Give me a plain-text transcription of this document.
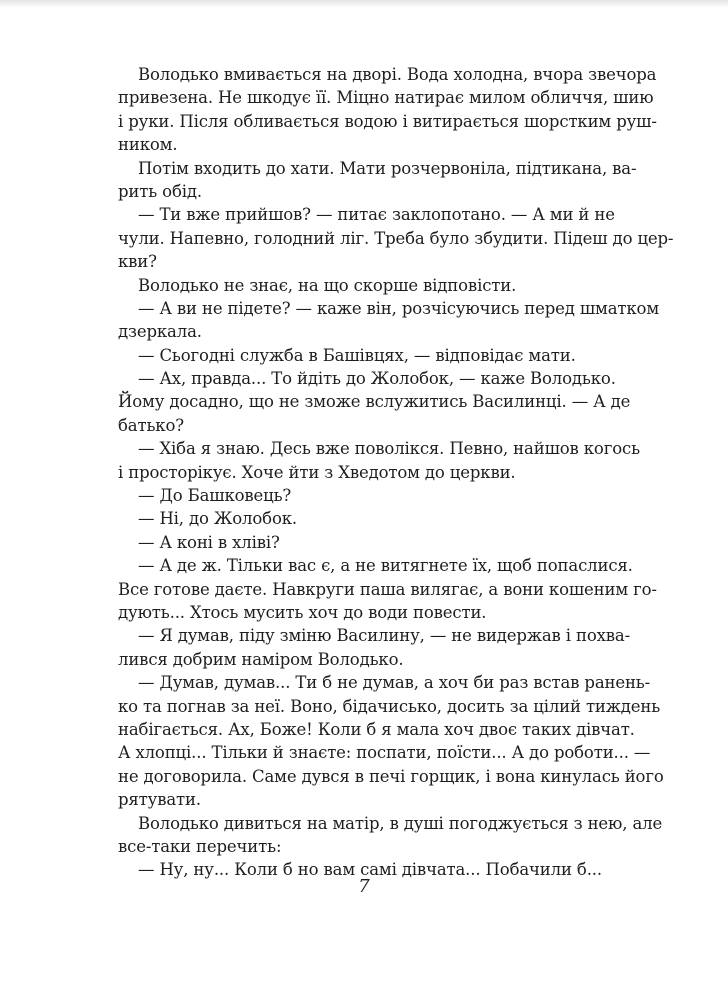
Володько вмивається на дворі. Вода холодна, вчора звечора
привезена. Не шкодує її. Міцно натирає милом обличчя, шию
і руки. Після обливається водою і витирається шорстким руш-
ником.
Потім входить до хати. Мати розчервоніла, підтикана, ва-
рить обід.
— Ти вже прийшов? — питає заклопотано. — А ми й не
чули. Напевно, голодний ліг. Треба було збудити. Підеш до цер-
кви?
Володько не знає, на що скорше відповісти.
— А ви не підете? — каже він, розчісуючись перед шматком
дзеркала.
— Сьогодні служба в Башівцях, — відповідає мати.
— Ах, правда... То йдіть до Жолобок, — каже Володько.
Йому досадно, що не зможе вслужитись Василинці. — А де
батько?
— Хіба я знаю. Десь вже поволікся. Певно, найшов когось
і просторікує. Хоче йти з Хведотом до церкви.
— До Башковець?
— Ні, до Жолобок.
— А коні в хліві?
— А де ж. Тільки вас є, а не витягнете їх, щоб попаслися.
Все готове даєте. Навкруги паша вилягає, а вони кошеним го-
дують... Хтось мусить хоч до води повести.
— Я думав, піду зміню Василину, — не видержав і похва-
лився добрим наміром Володько.
— Думав, думав... Ти б не думав, а хоч би раз встав ранень-
ко та погнав за неї. Воно, бідачисько, досить за цілий тиждень
набігається. Ах, Боже! Коли б я мала хоч двоє таких дівчат.
А хлопці... Тільки й знаєте: поспати, поїсти... А до роботи... —
не договорила. Саме дувся в печі горщик, і вона кинулась його
рятувати.
Володько дивиться на матір, в душі погоджується з нею, але
все-таки перечить:
— Ну, ну... Коли б но вам самі дівчата... Побачили б...
7
